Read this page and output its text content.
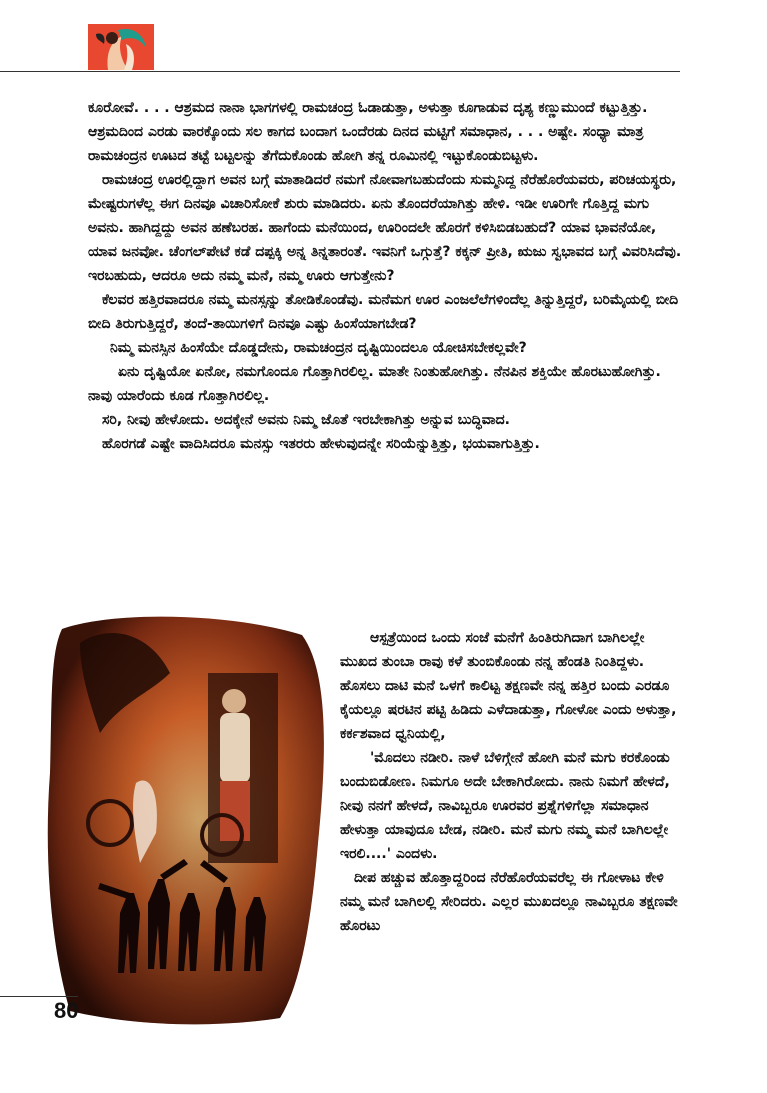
ಕೂರೋವೆ. . . . ಆಶ್ರಮದ ನಾನಾ ಭಾಗಗಳಲ್ಲಿ ರಾಮಚಂದ್ರ ಓಡಾಡುತ್ತಾ, ಅಳುತ್ತಾ ಕೂಗಾಡುವ ದೃಶ್ಯ ಕಣ್ಣುಮುಂದೆ ಕಟ್ಟುತ್ತಿತ್ತು. ಆಶ್ರಮದಿಂದ ಎರಡು ವಾರಕ್ಕೊಂದು ಸಲ ಕಾಗದ ಬಂದಾಗ ಒಂದೆರಡು ದಿನದ ಮಟ್ಟಿಗೆ ಸಮಾಧಾನ, . . . ಅಷ್ಟೇ. ಸಂಧ್ಯಾ ಮಾತ್ರ ರಾಮಚಂದ್ರನ ಊಟದ ತಟ್ಟೆ ಬಟ್ಟಲನ್ನು ತೆಗೆದುಕೊಂಡು ಹೋಗಿ ತನ್ನ ರೂಮಿನಲ್ಲಿ ಇಟ್ಟುಕೊಂಡುಬಿಟ್ಟಳು.

ರಾಮಚಂದ್ರ ಊರಲ್ಲಿದ್ದಾಗ ಅವನ ಬಗ್ಗೆ ಮಾತಾಡಿದರೆ ನಮಗೆ ನೋವಾಗಬಹುದೆಂದು ಸುಮ್ಮನಿದ್ದ ನೆರೆಹೊರೆಯವರು, ಪರಿಚಯಸ್ಥರು, ಮೇಷ್ಟರುಗಳೆಲ್ಲ ಈಗ ದಿನವೂ ವಿಚಾರಿಸೋಕೆ ಶುರು ಮಾಡಿದರು. ಏನು ತೊಂದರೆಯಾಗಿತ್ತು ಹೇಳಿ. ಇಡೀ ಊರಿಗೇ ಗೊತ್ತಿದ್ದ ಮಗು ಅವನು. ಹಾಗಿದ್ದದ್ದು ಅವನ ಹಣೆಬರಹ. ಹಾಗೆಂದು ಮನೆಯಿಂದ, ಊರಿಂದಲೇ ಹೊರಗೆ ಕಳಿಸಿಬಿಡಬಹುದೆ? ಯಾವ ಭಾವನೆಯೋ, ಯಾವ ಜನವೋ. ಚೆಂಗಲ್‌ಪೇಟೆ ಕಡೆ ದಪ್ಪಕ್ಕಿ ಅನ್ನ ತಿನ್ನತಾರಂತೆ. ಇವನಿಗೆ ಒಗ್ಗುತ್ತೆ? ಕಕ್ಕನ್ ಪ್ರೀತಿ, ಋಜು ಸ್ವಭಾವದ ಬಗ್ಗೆ ವಿವರಿಸಿದೆವು. ಇರಬಹುದು, ಆದರೂ ಅದು ನಮ್ಮ ಮನೆ, ನಮ್ಮ ಊರು ಆಗುತ್ತೇನು?

ಕೆಲವರ ಹತ್ತಿರವಾದರೂ ನಮ್ಮ ಮನಸ್ಸನ್ನು ತೋಡಿಕೊಂಡೆವು. ಮನೆಮಗ ಊರ ಎಂಜಲೆಲೆಗಳಿಂದೆಲ್ಲ ತಿನ್ನುತ್ತಿದ್ದರೆ, ಬರಿಮೈಯಲ್ಲಿ ಬೀದಿ ಬೀದಿ ತಿರುಗುತ್ತಿದ್ದರೆ, ತಂದೆ-ತಾಯಿಗಳಿಗೆ ದಿನವೂ ಎಷ್ಟು ಹಿಂಸೆಯಾಗಬೇಡ?

ನಿಮ್ಮ ಮನಸ್ಸಿನ ಹಿಂಸೆಯೇ ದೊಡ್ಡದೇನು, ರಾಮಚಂದ್ರನ ದೃಷ್ಟಿಯಿಂದಲೂ ಯೋಚಿಸಬೇಕಲ್ಲವೇ?

ಏನು ದೃಷ್ಟಿಯೋ ಏನೋ, ನಮಗೊಂದೂ ಗೊತ್ತಾಗಿರಲಿಲ್ಲ. ಮಾತೇ ನಿಂತುಹೋಗಿತ್ತು. ನೆನಪಿನ ಶಕ್ತಿಯೇ ಹೊರಟುಹೋಗಿತ್ತು. ನಾವು ಯಾರೆಂದು ಕೂಡ ಗೊತ್ತಾಗಿರಲಿಲ್ಲ.

ಸರಿ, ನೀವು ಹೇಳೋದು. ಅದಕ್ಕೇನೆ ಅವನು ನಿಮ್ಮ ಜೊತೆ ಇರಬೇಕಾಗಿತ್ತು ಅನ್ನುವ ಬುದ್ಧಿವಾದ.

ಹೊರಗಡೆ ಎಷ್ಟೇ ವಾದಿಸಿದರೂ ಮನಸ್ಸು ಇತರರು ಹೇಳುವುದನ್ನೇ ಸರಿಯೆನ್ನುತ್ತಿತ್ತು, ಭಯವಾಗುತ್ತಿತ್ತು.

ಆಸ್ಪತ್ರೆಯಿಂದ ಒಂದು ಸಂಜೆ ಮನೆಗೆ ಹಿಂತಿರುಗಿದಾಗ ಬಾಗಿಲಲ್ಲೇ ಮುಖದ ತುಂಬಾ ರಾವು ಕಳೆ ತುಂಬಿಕೊಂಡು ನನ್ನ ಹೆಂಡತಿ ನಿಂತಿದ್ದಳು. ಹೊಸಲು ದಾಟಿ ಮನೆ ಒಳಗೆ ಕಾಲಿಟ್ಟ ತಕ್ಷಣವೇ ನನ್ನ ಹತ್ತಿರ ಬಂದು ಎರಡೂ ಕೈಯಲ್ಲೂ ಷರಟಿನ ಪಟ್ಟಿ ಹಿಡಿದು ಎಳೆದಾಡುತ್ತಾ, ಗೋಳೋ ಎಂದು ಅಳುತ್ತಾ, ಕರ್ಕಶವಾದ ಧ್ವನಿಯಲ್ಲಿ,

'ಮೊದಲು ನಡೀರಿ. ನಾಳೆ ಬೆಳಿಗ್ಗೇನೆ ಹೋಗಿ ಮನೆ ಮಗು ಕರಕೊಂಡು ಬಂದುಬಿಡೋಣ. ನಿಮಗೂ ಅದೇ ಬೇಕಾಗಿರೋದು. ನಾನು ನಿಮಗೆ ಹೇಳದೆ, ನೀವು ನನಗೆ ಹೇಳದೆ, ನಾವಿಬ್ಬರೂ ಊರವರ ಪ್ರಶ್ನೆಗಳಿಗೆಲ್ಲಾ ಸಮಾಧಾನ ಹೇಳುತ್ತಾ ಯಾವುದೂ ಬೇಡ, ನಡೀರಿ. ಮನೆ ಮಗು ನಮ್ಮ ಮನೆ ಬಾಗಿಲಲ್ಲೇ ಇರಲಿ....' ಎಂದಳು.

ದೀಪ ಹಚ್ಚುವ ಹೊತ್ತಾದ್ದರಿಂದ ನೆರೆಹೊರೆಯವರೆಲ್ಲ ಈ ಗೋಳಾಟ ಕೇಳಿ ನಮ್ಮ ಮನೆ ಬಾಗಿಲಲ್ಲಿ ಸೇರಿದರು. ಎಲ್ಲರ ಮುಖದಲ್ಲೂ ನಾವಿಬ್ಬರೂ ತಕ್ಷಣವೇ ಹೊರಟು

80
